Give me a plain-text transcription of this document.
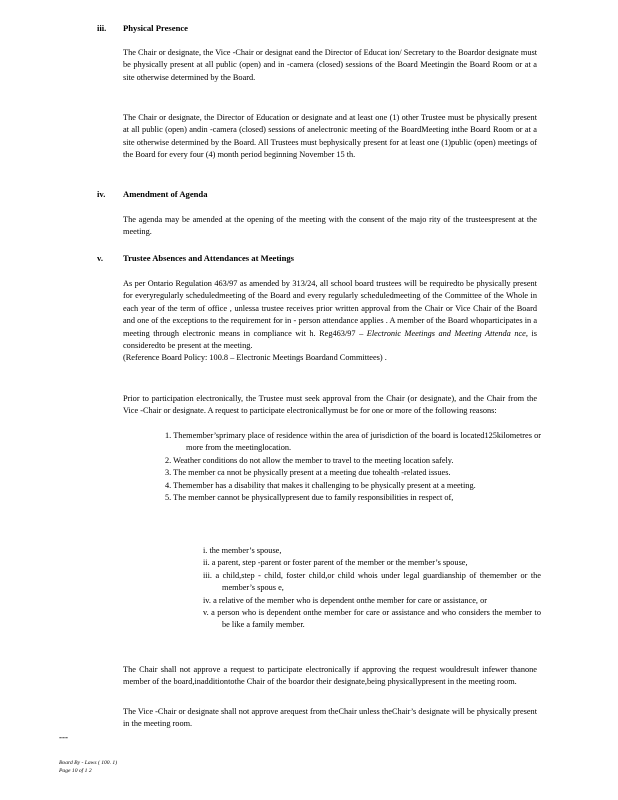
iii. Physical Presence

The Chair or designate, the Vice -Chair or designat eand the Director of Educat ion/ Secretary to the Boardor designate must be physically present at all public (open) and in -camera (closed) sessions of the Board Meetingin the Board Room or at a site otherwise determined by the Board.

The Chair or designate, the Director of Education or designate and at least one (1) other Trustee must be physically present at all public (open) andin -camera (closed) sessions of anelectronic meeting of the BoardMeeting inthe Board Room or at a site otherwise determined by the Board. All Trustees must bephysically present for at least one (1)public (open) meetings of the Board for every four (4) month period beginning November 15 th.

iv. Amendment of Agenda

The agenda may be amended at the opening of the meeting with the consent of the majo rity of the trusteespresent at the meeting.

v. Trustee Absences and Attendances at Meetings

As per Ontario Regulation 463/97 as amended by 313/24, all school board trustees will be requiredto be physically present for everyregularly scheduledmeeting of the Board and every regularly scheduledmeeting of the Committee of the Whole in each year of the term of office , unlessa trustee receives prior written approval from the Chair or Vice Chair of the Board and one of the exceptions to the requirement for in - person attendance applies . A member of the Board whoparticipates in a meeting through electronic means in compliance wit h. Reg463/97 – Electronic Meetings and Meeting Attenda nce, is consideredto be present at the meeting.
(Reference Board Policy: 100.8 – Electronic Meetings Boardand Committees) .

Prior to participation electronically, the Trustee must seek approval from the Chair (or designate), and the Chair from the Vice -Chair or designate. A request to participate electronicallymust be for one or more of the following reasons:

1. Themember’sprimary place of residence within the area of jurisdiction of the board is located125kilometres or more from the meetinglocation.

2. Weather conditions do not allow the member to travel to the meeting location safely.

3. The member ca nnot be physically present at a meeting due tohealth -related issues.

4. Themember has a disability that makes it challenging to be physically present at a meeting.

5. The member cannot be physicallypresent due to family responsibilities in respect of,

i. the member’s spouse,

ii. a parent, step -parent or foster parent of the member or the member’s spouse,

iii. a child,step - child, foster child,or child whois under legal guardianship of themember or the member’s spous e,

iv. a relative of the member who is dependent onthe member for care or assistance, or

v. a person who is dependent onthe member for care or assistance and who considers the member to be like a family member.

The Chair shall not approve a request to participate electronically if approving the request wouldresult infewer thanone member of the board,inadditiontothe Chair of the boardor their designate,being physicallypresent in the meeting room.

The Vice -Chair or designate shall not approve arequest from theChair unless theChair’s designate will be physically present in the meeting room.

---
Board By - Laws ( 100. 1)
Page 10 of 1 2
